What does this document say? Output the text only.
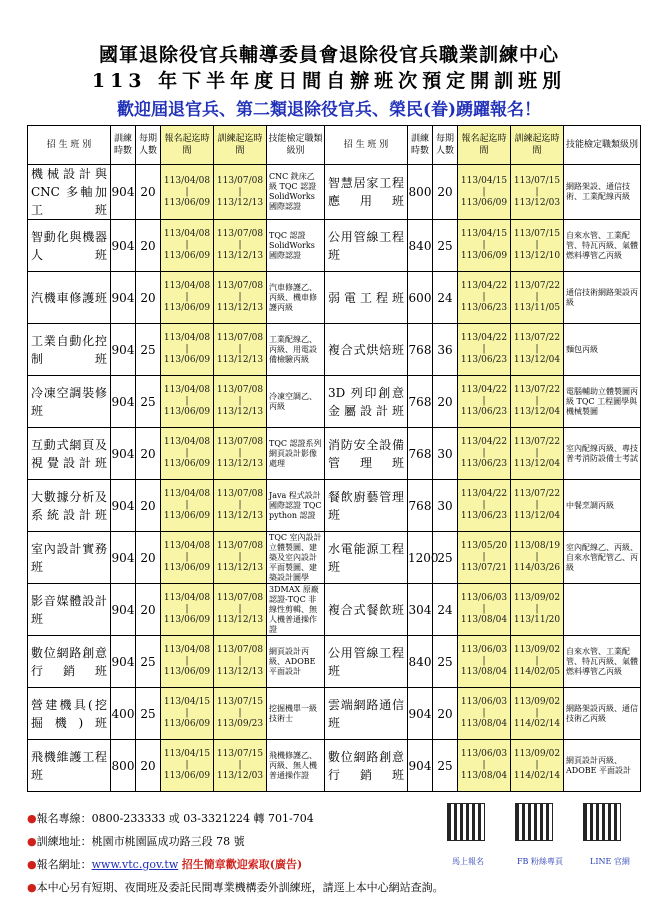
國軍退除役官兵輔導委員會退除役官兵職業訓練中心
113 年下半年度日間自辦班次預定開訓班別
歡迎屆退官兵、第二類退除役官兵、榮民(眷)踴躍報名！
招 生 班 別	訓練時數	每期人數	報名起迄時間	訓練起迄時間	技能檢定職類級別	招 生 班 別	訓練時數	每期人數	報名起迄時間	訓練起迄時間	技能檢定職類級別
機械設計與CNC 多軸加工 班	904	20	113/04/08 | 113/06/09	113/07/08 | 113/12/13	CNC 銑床乙級 TQC 認證 SolidWorks 國際認證	智慧居家工程應用班	800	20	113/04/15 | 113/06/09	113/07/15 | 113/12/03	網路架設、通信技術、工業配線丙級
智動化與機器人班	904	20	113/04/08 | 113/06/09	113/07/08 | 113/12/13	TQC 認證 SolidWorks 國際認證	公用管線工程班	840	25	113/04/15 | 113/06/09	113/07/15 | 113/12/10	自來水管、工業配管、特瓦丙級、氣體燃料導管乙丙級
汽機車修護班	904	20	113/04/08 | 113/06/09	113/07/08 | 113/12/13	汽車修護乙、丙級、機車修護丙級	弱電工程班	600	24	113/04/22 | 113/06/23	113/07/22 | 113/11/05	通信技術網路架設丙級
工業自動化控制班	904	25	113/04/08 | 113/06/09	113/07/08 | 113/12/13	工業配線乙、丙級、用電設備檢驗丙級	複合式烘焙班	768	36	113/04/22 | 113/06/23	113/07/22 | 113/12/04	麵包丙級
冷凍空調裝修班	904	25	113/04/08 | 113/06/09	113/07/08 | 113/12/13	冷凍空調乙、丙級	3D 列印創意金屬設計班	768	20	113/04/22 | 113/06/23	113/07/22 | 113/12/04	電腦輔助立體製圖丙級 TQC 工程圖學與機械製圖
互動式網頁及視覺設計班	904	20	113/04/08 | 113/06/09	113/07/08 | 113/12/13	TQC 認證系列網頁設計影像處理	消防安全設備管理班	768	30	113/04/22 | 113/06/23	113/07/22 | 113/12/04	室內配線丙級、專技普考消防設備士考試
大數據分析及系統設計班	904	20	113/04/08 | 113/06/09	113/07/08 | 113/12/13	Java 程式設計國際認證 TQC python 認證	餐飲廚藝管理班	768	30	113/04/22 | 113/06/23	113/07/22 | 113/12/04	中餐烹調丙級
室內設計實務班	904	20	113/04/08 | 113/06/09	113/07/08 | 113/12/13	TQC 室內設計立體製圖、建築及室內設計平面製圖、建築設計圖學	水電能源工程班	1200	25	113/05/20 | 113/07/21	113/08/19 | 114/03/26	室內配線乙、丙級、自來水管配管乙、丙級
影音媒體設計班	904	20	113/04/08 | 113/06/09	113/07/08 | 113/12/13	3DMAX 原廠認證-TQC 非線性剪輯、無人機普通操作證	複合式餐飲班	304	24	113/06/03 | 113/08/04	113/09/02 | 113/11/20	
數位網路創意行銷班	904	25	113/04/08 | 113/06/09	113/07/08 | 113/12/13	網頁設計丙級、ADOBE 平面設計	公用管線工程班	840	25	113/06/03 | 113/08/04	113/09/02 | 114/02/05	自來水管、工業配管、特瓦丙級、氣體燃料導管乙丙級
營建機具(挖掘機)班	400	25	113/04/15 | 113/06/09	113/07/15 | 113/09/23	挖掘機單一級技術士	雲端網路通信班	904	20	113/06/03 | 113/08/04	113/09/02 | 114/02/14	網路架設丙級、通信技術乙丙級
飛機維護工程班	800	20	113/04/15 | 113/06/09	113/07/15 | 113/12/03	飛機修護乙、丙級、無人機普通操作證	數位網路創意行銷班	904	25	113/06/03 | 113/08/04	113/09/02 | 114/02/14	網頁設計丙級、ADOBE 平面設計
●報名專線：0800-233333 或 03-3321224 轉 701-704
●訓練地址：桃園市桃園區成功路三段 78 號
●報名網址：www.vtc.gov.tw 招生簡章歡迎索取(廣告)
●本中心另有短期、夜間班及委託民間專業機構委外訓練班，請逕上本中心網站查詢。
馬上報名	FB 粉絲專頁	LINE 官網
